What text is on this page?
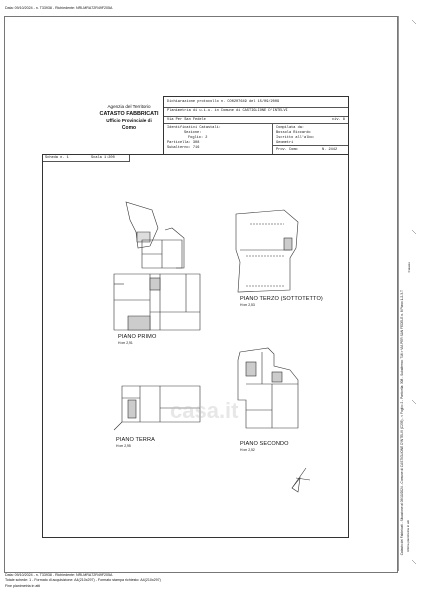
Data: 09/10/2024 - n. T33938 - Richiedente: NRLMRA72R49F205A
Agenzia del Territorio
CATASTO FABBRICATI
Ufficio Provinciale di
Como
Dichiarazione protocollo n. CO0207649 del 15/09/2009
Planimetria di u.i.u. in Comune di CASTIGLIONE D'INTELVI
Via Per San Fedele	civ. 8
Identificativi Catastali:
Sezione:
Foglio: 2
Particella: 308
Subalterno: 716
Compilata da:
Bossola Riccardo
Iscritto all'albo:
Geometri
Prov. Como	N. 2442
Scheda n. 1	Scala 1:200
PIANO PRIMO
H=m 2,91
PIANO TERRA
H=m 2,95
PIANO TERZO (SOTTOTETTO)
H=m 2,53
PIANO SECONDO
H=m 2,52
casa.it	Catasto dei Fabbricati - Situazione al 09/10/2024 - Comune di CASTIGLIONE D'INTELVI (C235) - < Foglio: 2 - Particella: 308 - Subalterno: 716 > VIA PER SAN FEDELE n. 8 Piano 1-2-3-T Ultima planimetria in atti
Catasto
Data: 09/10/2024 - n. T33938 - Richiedente: NRLMRA72R49F205A
Totale schede: 1 - Formato di acquisizione: A4(210x297) - Formato stampa richiesto: A4(210x297)
Fine planimetria in atti
